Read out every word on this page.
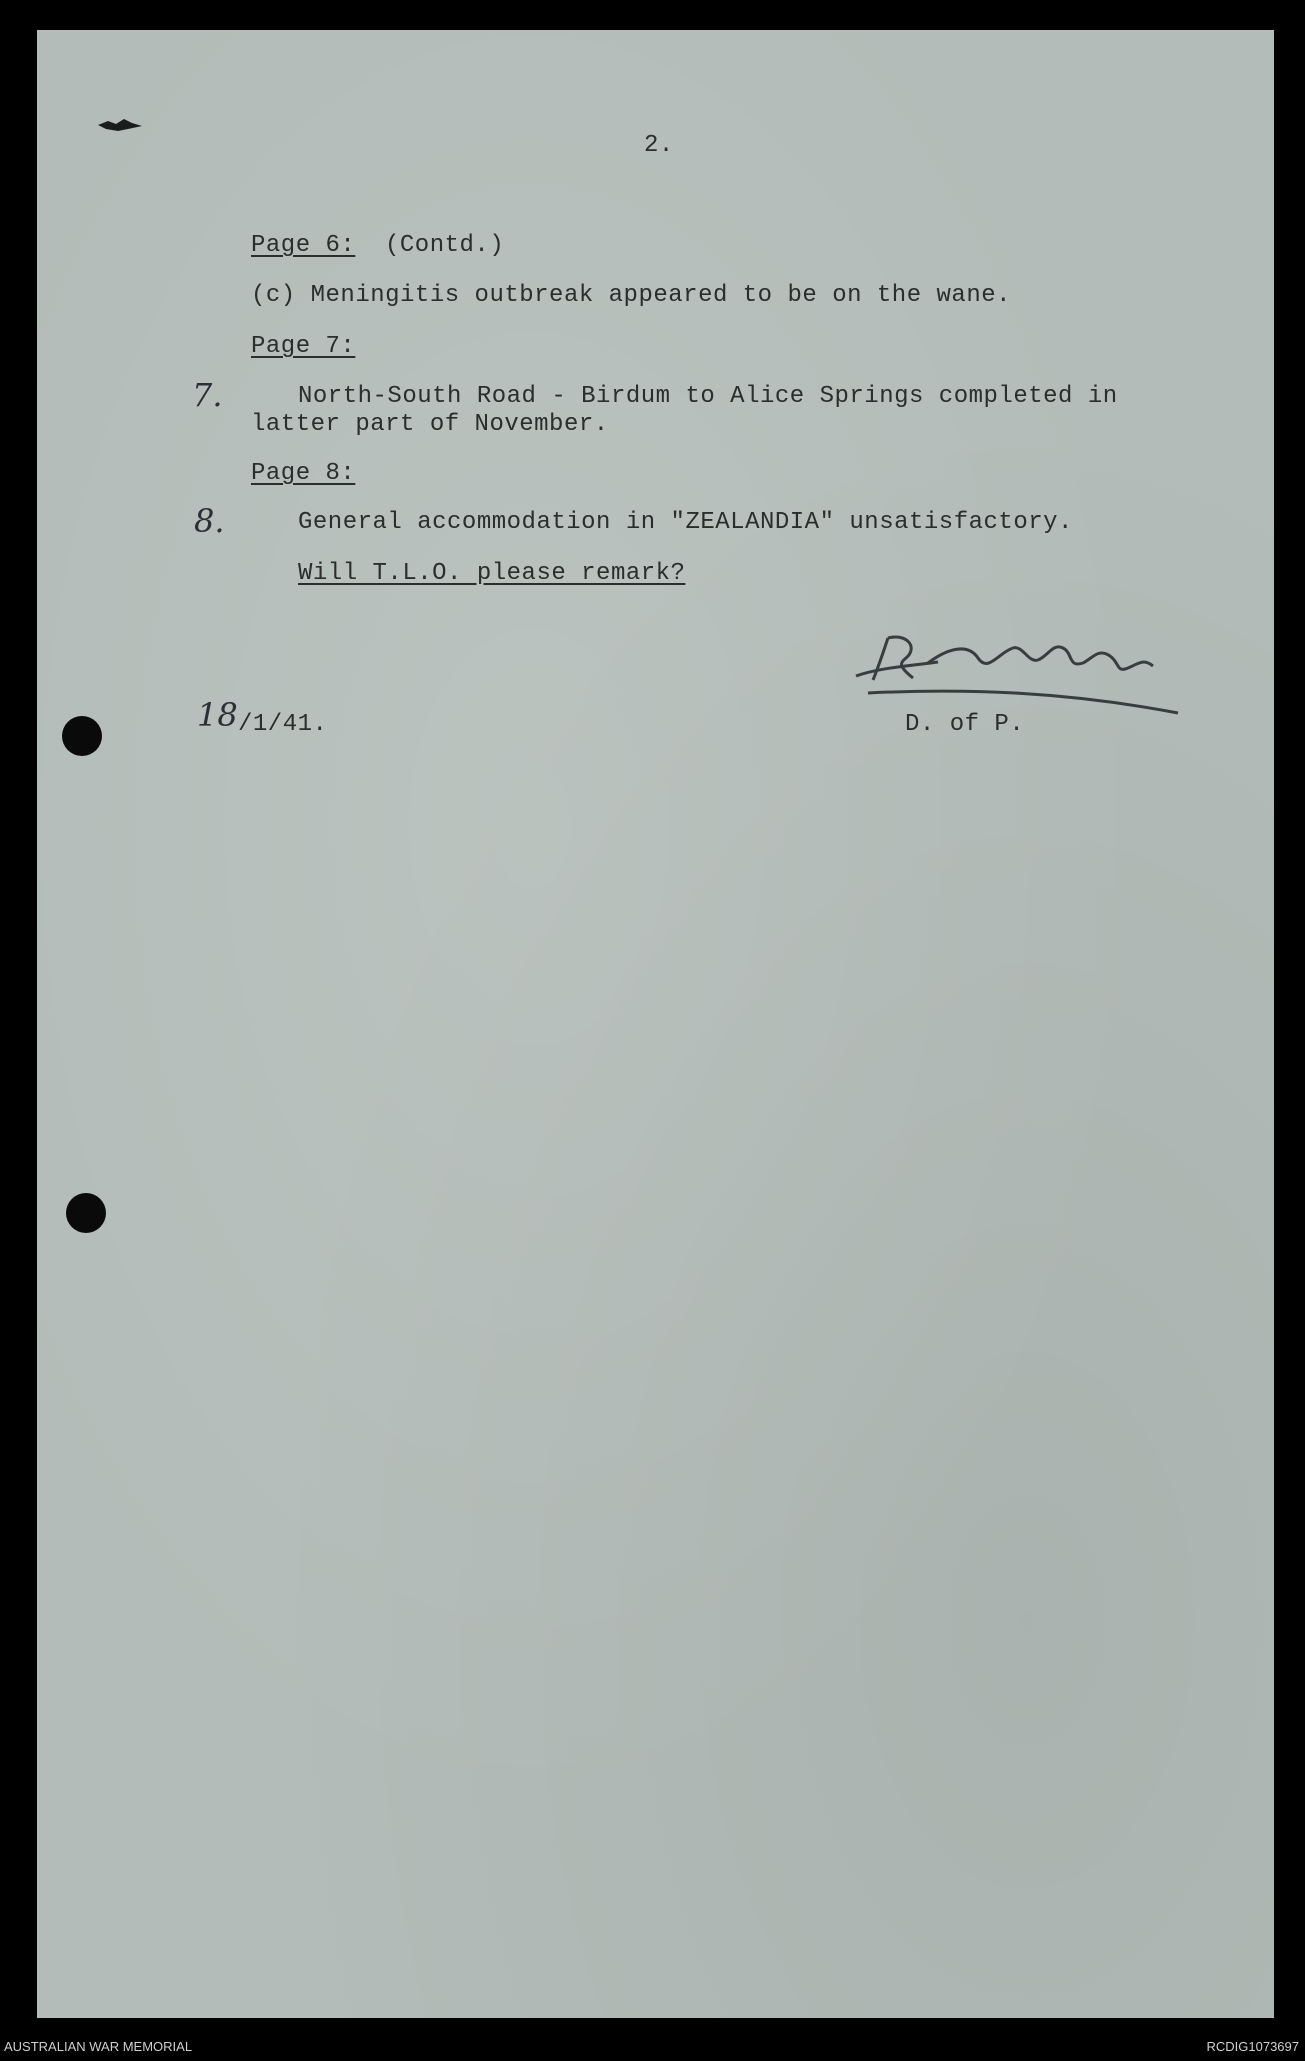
2.
Page 6: (Contd.)
(c) Meningitis outbreak appeared to be on the wane.
Page 7:
7.	North-South Road - Birdum to Alice Springs completed in
latter part of November.
Page 8:
8.	General accommodation in "ZEALANDIA" unsatisfactory.
Will T.L.O. please remark?
18 /1/41.	D. of P.
AUSTRALIAN WAR MEMORIAL	RCDIG1073697
